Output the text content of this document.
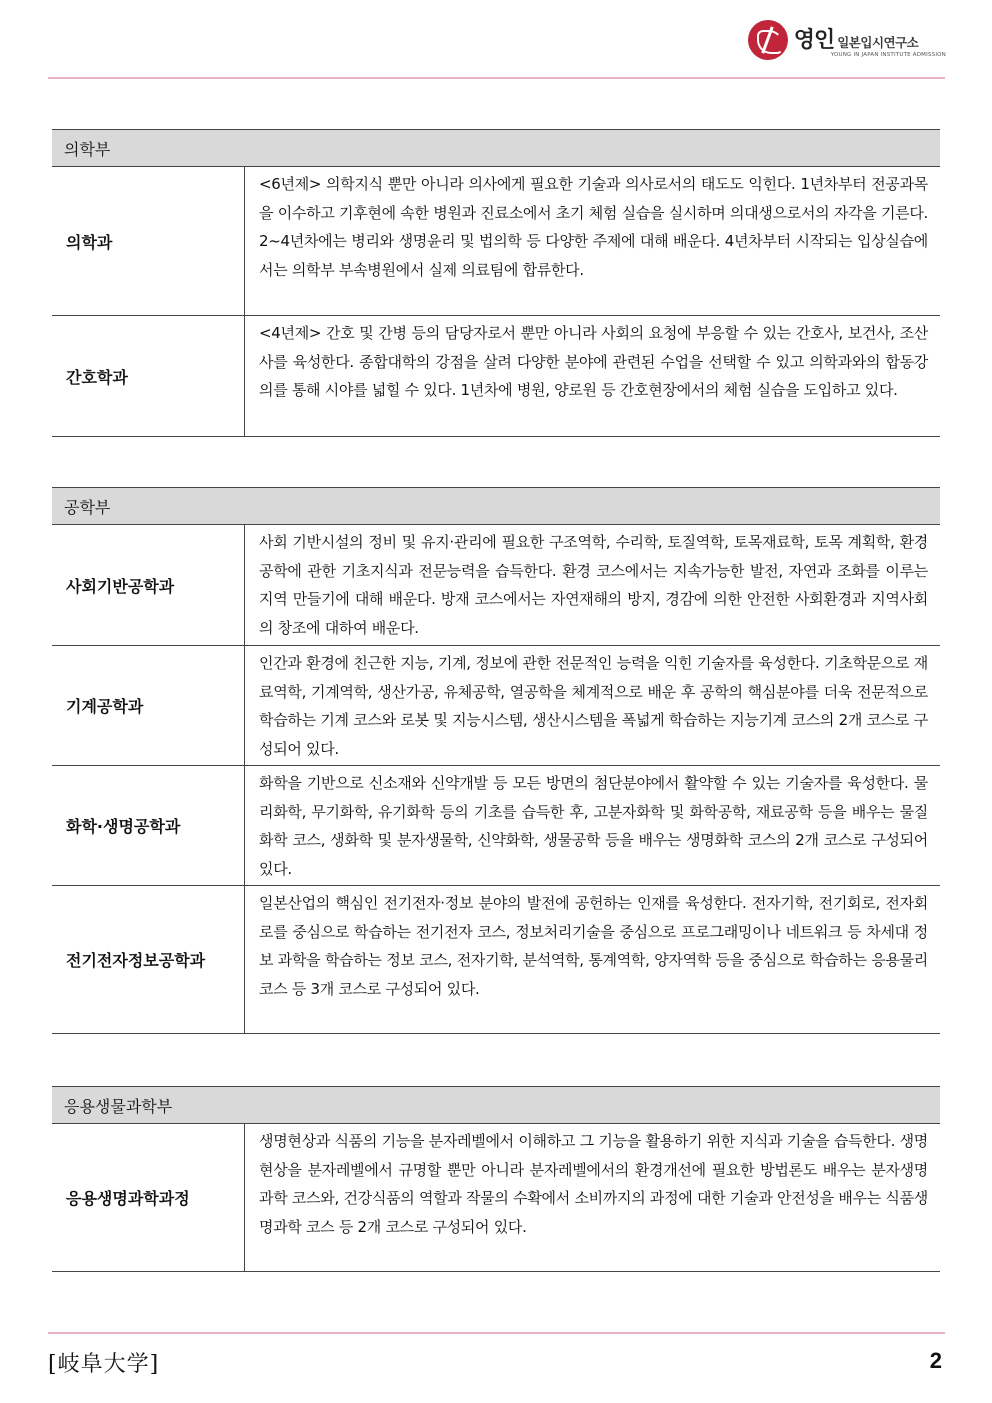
영인 일본입시연구소
YOUNG IN JAPAN INSTITUTE ADMISSION
의학부
의학과
<6년제> 의학지식 뿐만 아니라 의사에게 필요한 기술과 의사로서의 태도도 익힌다. 1년차부터 전공과목을 이수하고 기후현에 속한 병원과 진료소에서 초기 체험 실습을 실시하며 의대생으로서의 자각을 기른다. 2~4년차에는 병리와 생명윤리 및 법의학 등 다양한 주제에 대해 배운다. 4년차부터 시작되는 입상실습에서는 의학부 부속병원에서 실제 의료팀에 합류한다.
간호학과
<4년제> 간호 및 간병 등의 담당자로서 뿐만 아니라 사회의 요청에 부응할 수 있는 간호사, 보건사, 조산사를 육성한다. 종합대학의 강점을 살려 다양한 분야에 관련된 수업을 선택할 수 있고 의학과와의 합동강의를 통해 시야를 넓힐 수 있다. 1년차에 병원, 양로원 등 간호현장에서의 체험 실습을 도입하고 있다.
공학부
사회기반공학과
사회 기반시설의 정비 및 유지·관리에 필요한 구조역학, 수리학, 토질역학, 토목재료학, 토목 계획학, 환경 공학에 관한 기초지식과 전문능력을 습득한다. 환경 코스에서는 지속가능한 발전, 자연과 조화를 이루는 지역 만들기에 대해 배운다. 방재 코스에서는 자연재해의 방지, 경감에 의한 안전한 사회환경과 지역사회의 창조에 대하여 배운다.
기계공학과
인간과 환경에 친근한 지능, 기계, 정보에 관한 전문적인 능력을 익힌 기술자를 육성한다. 기초학문으로 재료역학, 기계역학, 생산가공, 유체공학, 열공학을 체계적으로 배운 후 공학의 핵심분야를 더욱 전문적으로 학습하는 기계 코스와 로봇 및 지능시스템, 생산시스템을 폭넓게 학습하는 지능기계 코스의 2개 코스로 구성되어 있다.
화학·생명공학과
화학을 기반으로 신소재와 신약개발 등 모든 방면의 첨단분야에서 활약할 수 있는 기술자를 육성한다. 물리화학, 무기화학, 유기화학 등의 기초를 습득한 후, 고분자화학 및 화학공학, 재료공학 등을 배우는 물질화학 코스, 생화학 및 분자생물학, 신약화학, 생물공학 등을 배우는 생명화학 코스의 2개 코스로 구성되어 있다.
전기전자정보공학과
일본산업의 핵심인 전기전자·정보 분야의 발전에 공헌하는 인재를 육성한다. 전자기학, 전기회로, 전자회로를 중심으로 학습하는 전기전자 코스, 정보처리기술을 중심으로 프로그래밍이나 네트워크 등 차세대 정보 과학을 학습하는 정보 코스, 전자기학, 분석역학, 통계역학, 양자역학 등을 중심으로 학습하는 응용물리 코스 등 3개 코스로 구성되어 있다.
응용생물과학부
응용생명과학과정
생명현상과 식품의 기능을 분자레벨에서 이해하고 그 기능을 활용하기 위한 지식과 기술을 습득한다. 생명현상을 분자레벨에서 규명할 뿐만 아니라 분자레벨에서의 환경개선에 필요한 방법론도 배우는 분자생명과학 코스와, 건강식품의 역할과 작물의 수확에서 소비까지의 과정에 대한 기술과 안전성을 배우는 식품생명과학 코스 등 2개 코스로 구성되어 있다.
[岐阜大学]	2
